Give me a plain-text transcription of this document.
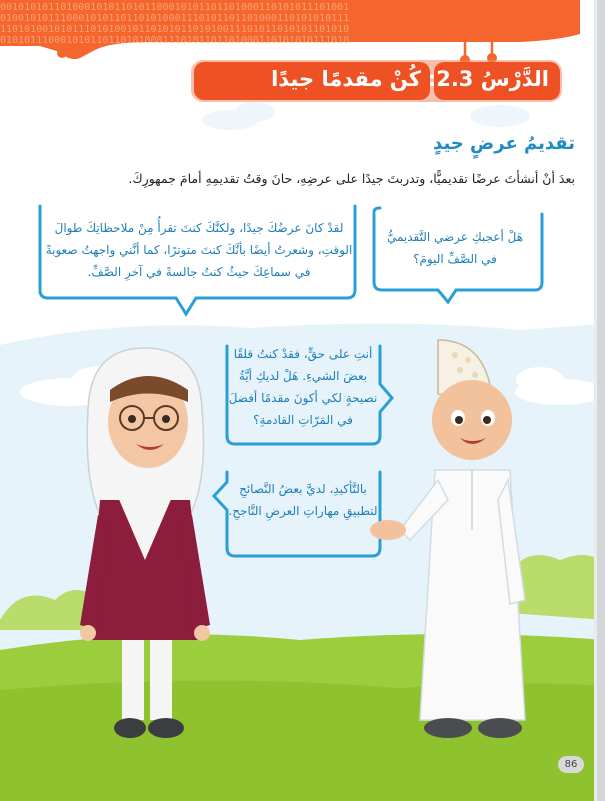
0010101011010001010110101100010101101101000110101011101001
0100101011100010101101101010001110101101101000110101010111
1101010010101110101001011010101101010011101011010101101010
0101011100010101101101010001110101101101000110101010111010
الدَّرْسُ 2.3:
كُنْ مقدمًا جيدًا
تقديمُ عرضٍ جيدٍ
بعدَ أنْ أنشأتَ عرضًا تقديميًّا، وتدربتَ جيدًا على عرضِهِ، حانَ وقتُ تقديمِهِ أمامَ جمهورِكَ.
هَلْ أعجبكِ عرضي التَّقديميُّ في الصَّفِّ اليومَ؟
لقدْ كانَ عرضُكَ جيدًا، ولكنَّكَ كنتَ تقرأُ مِنْ ملاحظاتِكَ طوالَ الوقتِ، وشعرتُ أيضًا بأنَّكَ كنتَ متوترًا، كما أنَّني واجهتُ صعوبةً في سماعِكَ حيثُ كنتُ جالسةً في آخرِ الصَّفِّ.
أنتِ على حقٍّ، فقدْ كنتُ قلقًا بعضَ الشيءِ. هَلْ لديكِ أيَّةُ نصيحةٍ لكي أكونَ مقدمًا أفضلَ في المَرّاتِ القادمةِ؟
بالتَّأكيدِ، لديَّ بعضُ النَّصائحِ لتطبيقِ مهاراتِ العرضِ النَّاجحِ.
86
